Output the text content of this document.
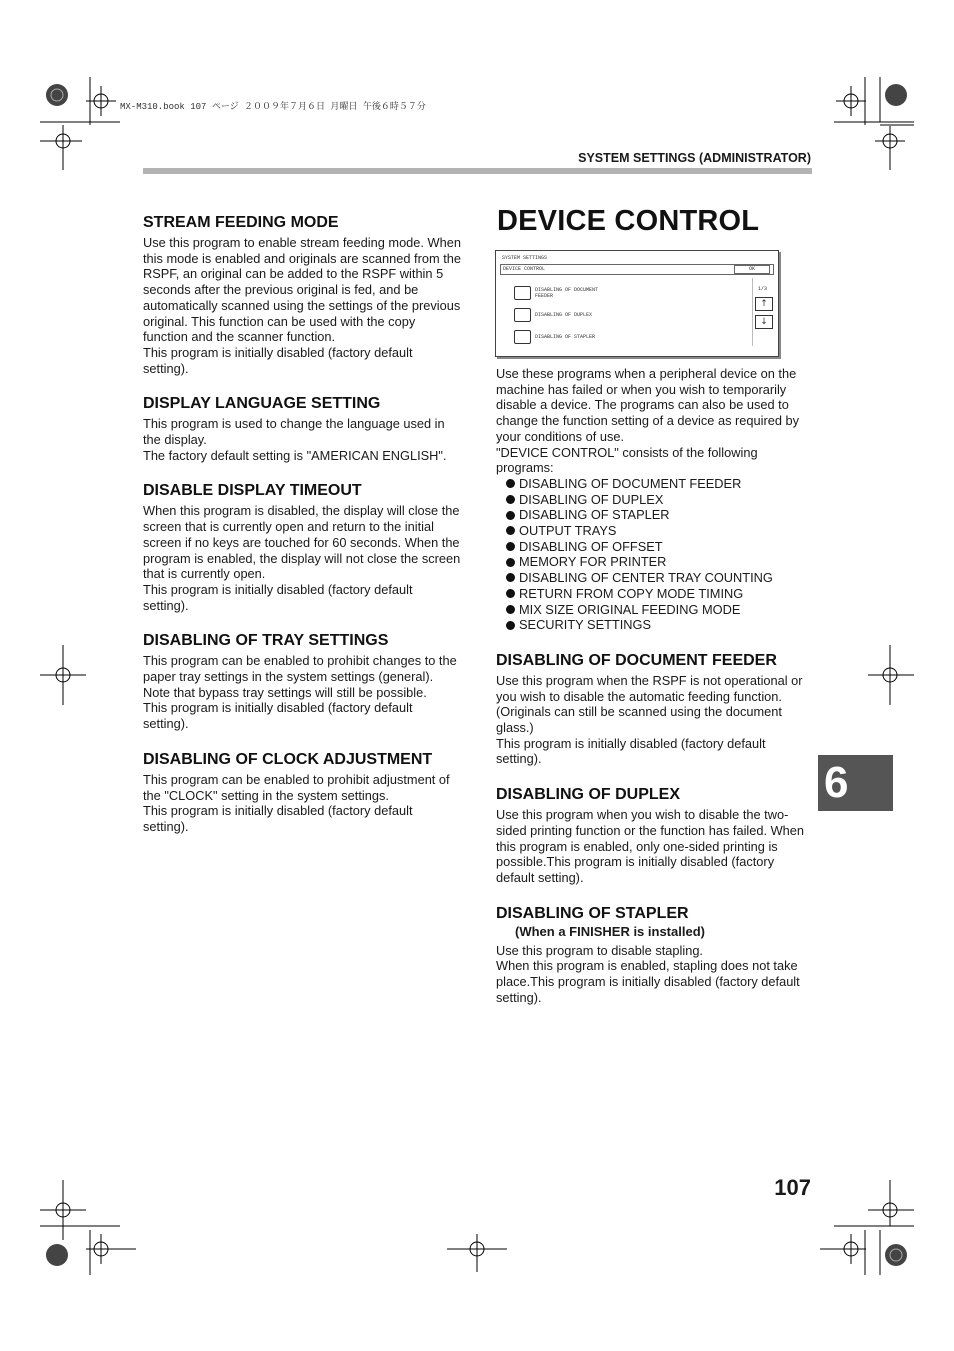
MX-M310.book 107 ページ ２００９年７月６日 月曜日 午後６時５７分
SYSTEM SETTINGS (ADMINISTRATOR)
STREAM FEEDING MODE

Use this program to enable stream feeding mode. When this mode is enabled and originals are scanned from the RSPF, an original can be added to the RSPF within 5 seconds after the previous original is fed, and be automatically scanned using the settings of the previous original. This function can be used with the copy function and the scanner function.

This program is initially disabled (factory default setting).

DISPLAY LANGUAGE SETTING

This program is used to change the language used in the display.

The factory default setting is "AMERICAN ENGLISH".

DISABLE DISPLAY TIMEOUT

When this program is disabled, the display will close the screen that is currently open and return to the initial screen if no keys are touched for 60 seconds. When the program is enabled, the display will not close the screen that is currently open.

This program is initially disabled (factory default setting).

DISABLING OF TRAY SETTINGS

This program can be enabled to prohibit changes to the paper tray settings in the system settings (general).

Note that bypass tray settings will still be possible.

This program is initially disabled (factory default setting).

DISABLING OF CLOCK ADJUSTMENT

This program can be enabled to prohibit adjustment of the "CLOCK" setting in the system settings.

This program is initially disabled (factory default setting).

DEVICE CONTROL
SYSTEM SETTINGS
DEVICE CONTROL	OK
DISABLING OF DOCUMENT
FEEDER
DISABLING OF DUPLEX
DISABLING OF STAPLER
1/3
↑
↓

Use these programs when a peripheral device on the machine has failed or when you wish to temporarily disable a device. The programs can also be used to change the function setting of a device as required by your conditions of use.

"DEVICE CONTROL" consists of the following programs:

DISABLING OF DOCUMENT FEEDER
DISABLING OF DUPLEX
DISABLING OF STAPLER
OUTPUT TRAYS
DISABLING OF OFFSET
MEMORY FOR PRINTER
DISABLING OF CENTER TRAY COUNTING
RETURN FROM COPY MODE TIMING
MIX SIZE ORIGINAL FEEDING MODE
SECURITY SETTINGS
DISABLING OF DOCUMENT FEEDER

Use this program when the RSPF is not operational or you wish to disable the automatic feeding function. (Originals can still be scanned using the document glass.)

This program is initially disabled (factory default setting).

DISABLING OF DUPLEX

Use this program when you wish to disable the two-sided printing function or the function has failed. When this program is enabled, only one-sided printing is possible.This program is initially disabled (factory default setting).

DISABLING OF STAPLER
(When a FINISHER is installed)

Use this program to disable stapling.

When this program is enabled, stapling does not take place.This program is initially disabled (factory default setting).

6
107
